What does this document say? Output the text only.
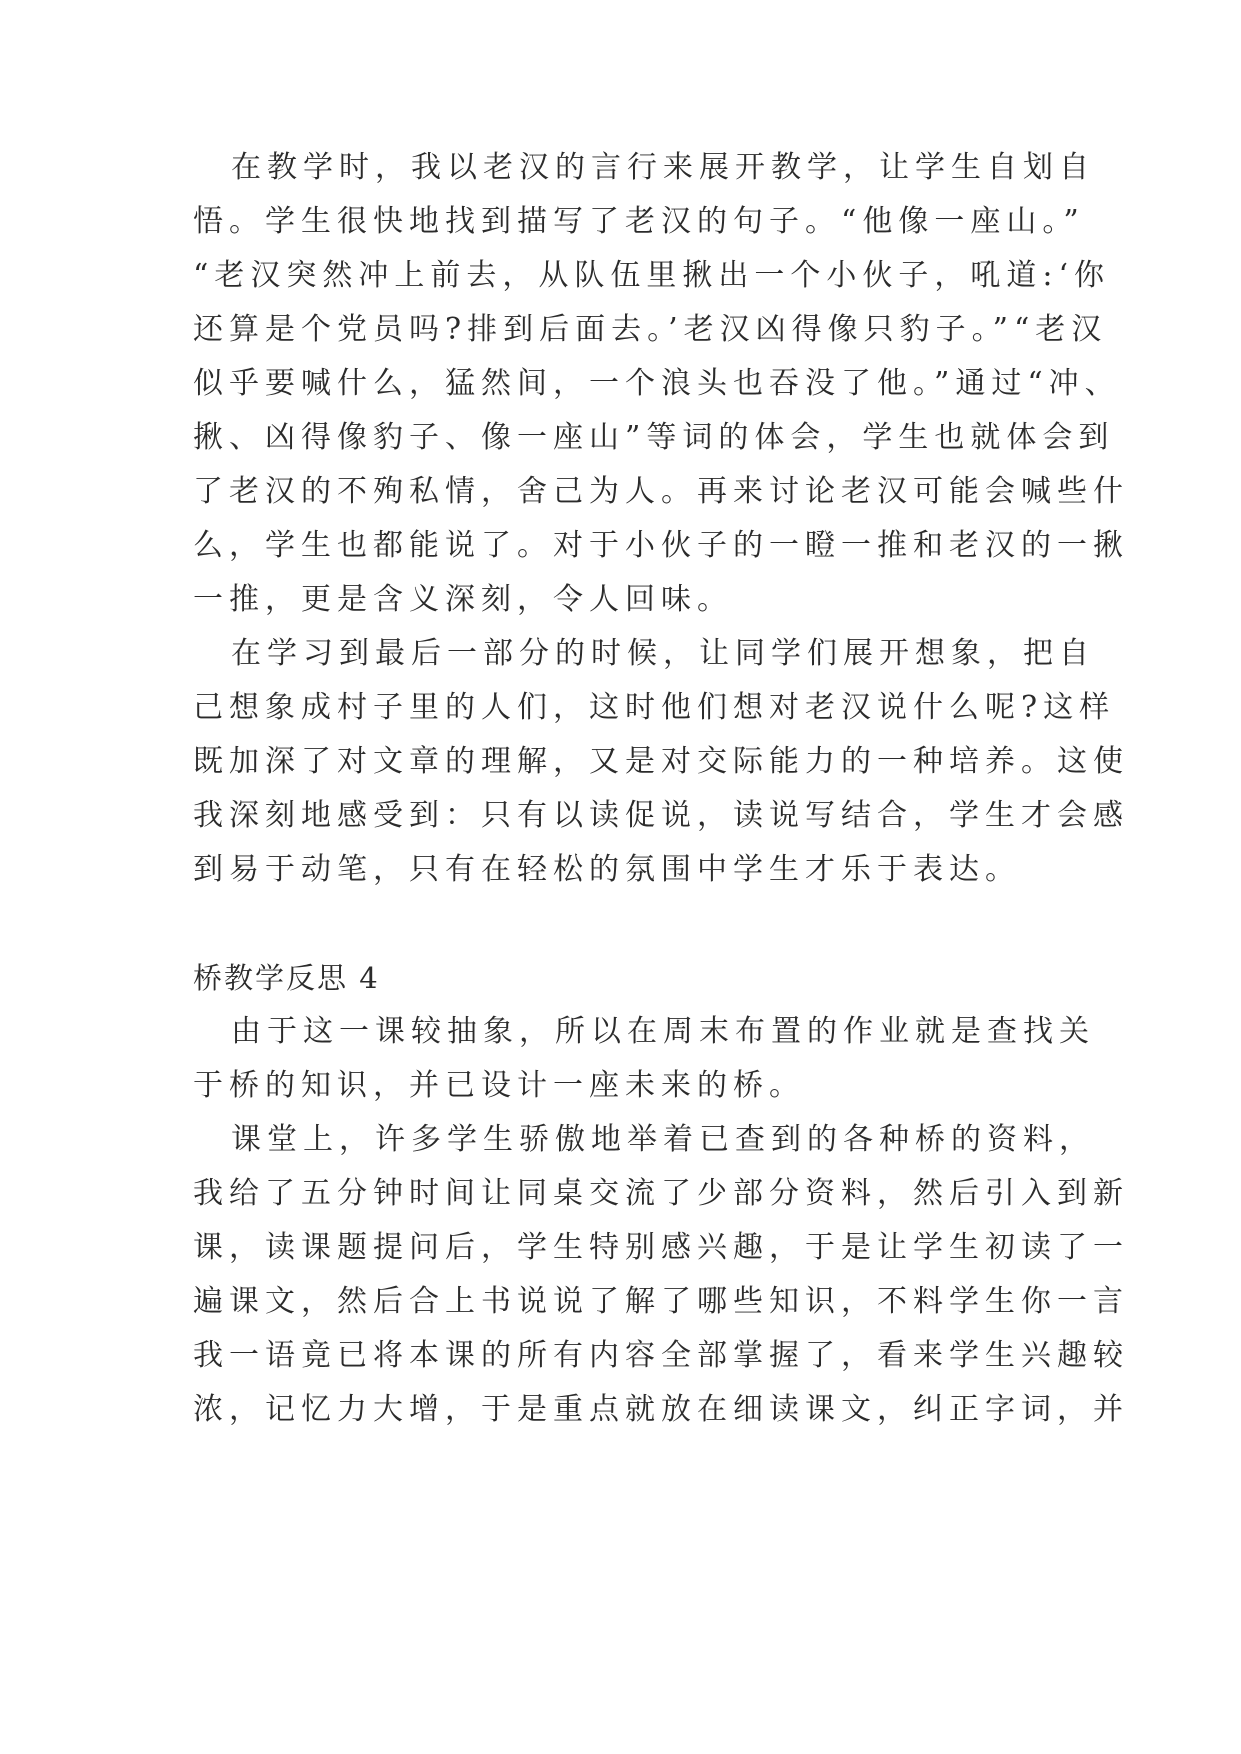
在教学时，我以老汉的言行来展开教学，让学生自划自
悟。学生很快地找到描写了老汉的句子。“他像一座山。”
“老汉突然冲上前去，从队伍里揪出一个小伙子，吼道:‘你
还算是个党员吗?排到后面去。’老汉凶得像只豹子。”“老汉
似乎要喊什么，猛然间，一个浪头也吞没了他。”通过“冲、
揪、凶得像豹子、像一座山”等词的体会，学生也就体会到
了老汉的不殉私情，舍己为人。再来讨论老汉可能会喊些什
么，学生也都能说了。对于小伙子的一瞪一推和老汉的一揪
一推，更是含义深刻，令人回味。
在学习到最后一部分的时候，让同学们展开想象，把自
己想象成村子里的人们，这时他们想对老汉说什么呢?这样
既加深了对文章的理解，又是对交际能力的一种培养。这使
我深刻地感受到：只有以读促说，读说写结合，学生才会感
到易于动笔，只有在轻松的氛围中学生才乐于表达。
桥教学反思 4
由于这一课较抽象，所以在周末布置的作业就是查找关
于桥的知识，并已设计一座未来的桥。
课堂上，许多学生骄傲地举着已查到的各种桥的资料，
我给了五分钟时间让同桌交流了少部分资料，然后引入到新
课，读课题提问后，学生特别感兴趣，于是让学生初读了一
遍课文，然后合上书说说了解了哪些知识，不料学生你一言
我一语竟已将本课的所有内容全部掌握了，看来学生兴趣较
浓，记忆力大增，于是重点就放在细读课文，纠正字词，并
